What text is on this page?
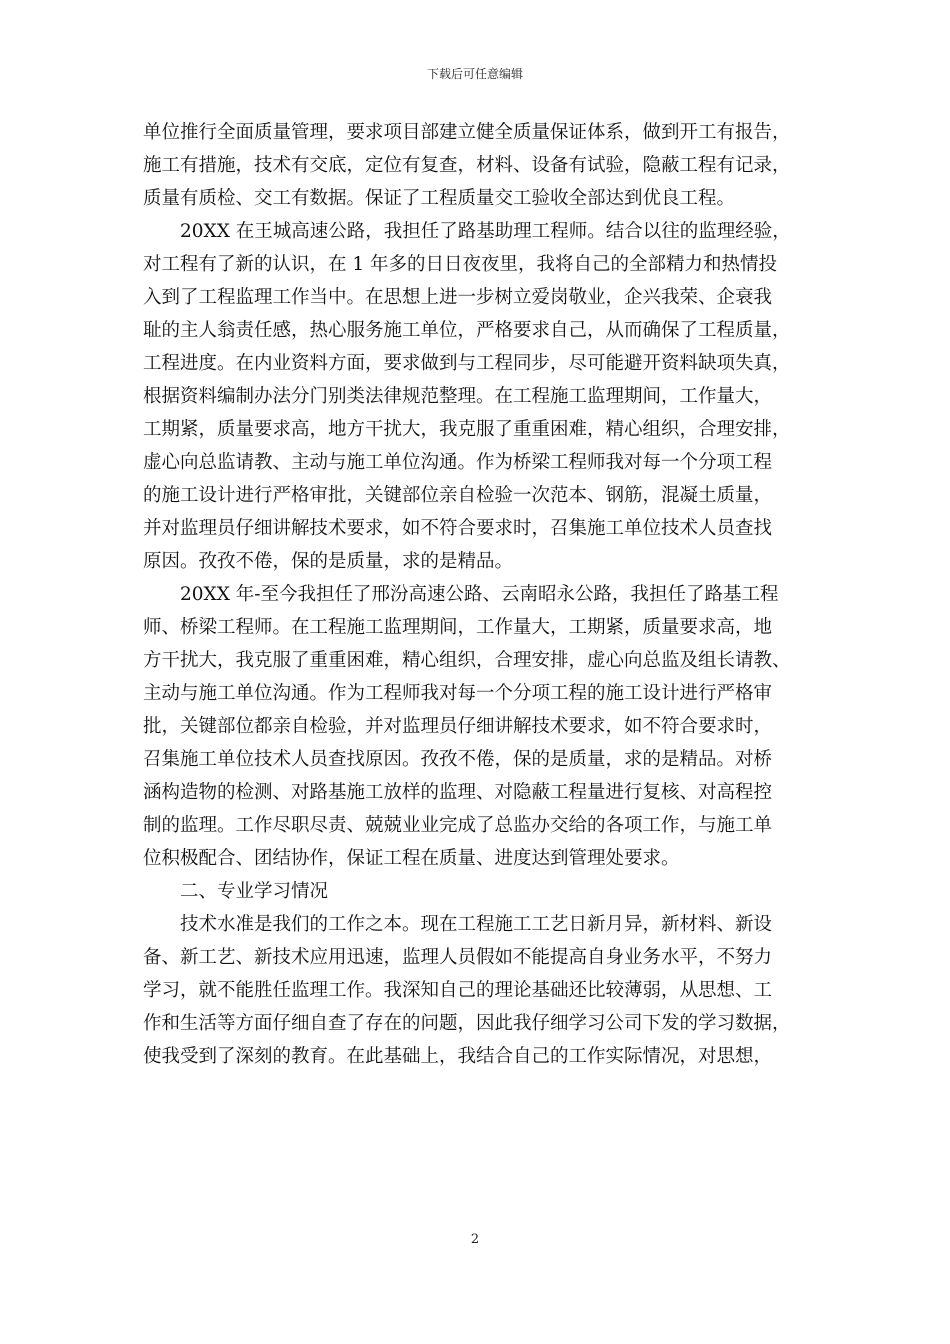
下载后可任意编辑
单位推行全面质量管理，要求项目部建立健全质量保证体系，做到开工有报告，
施工有措施，技术有交底，定位有复查，材料、设备有试验，隐蔽工程有记录，
质量有质检、交工有数据。保证了工程质量交工验收全部达到优良工程。
20XX 在王城高速公路，我担任了路基助理工程师。结合以往的监理经验，
对工程有了新的认识，在 1 年多的日日夜夜里，我将自己的全部精力和热情投
入到了工程监理工作当中。在思想上进一步树立爱岗敬业，企兴我荣、企衰我
耻的主人翁责任感，热心服务施工单位，严格要求自己，从而确保了工程质量，
工程进度。在内业资料方面，要求做到与工程同步，尽可能避开资料缺项失真，
根据资料编制办法分门别类法律规范整理。在工程施工监理期间，工作量大，
工期紧，质量要求高，地方干扰大，我克服了重重困难，精心组织，合理安排，
虚心向总监请教、主动与施工单位沟通。作为桥梁工程师我对每一个分项工程
的施工设计进行严格审批，关键部位亲自检验一次范本、钢筋，混凝土质量，
并对监理员仔细讲解技术要求，如不符合要求时，召集施工单位技术人员查找
原因。孜孜不倦，保的是质量，求的是精品。
20XX 年-至今我担任了邢汾高速公路、云南昭永公路，我担任了路基工程
师、桥梁工程师。在工程施工监理期间，工作量大，工期紧，质量要求高，地
方干扰大，我克服了重重困难，精心组织，合理安排，虚心向总监及组长请教、
主动与施工单位沟通。作为工程师我对每一个分项工程的施工设计进行严格审
批，关键部位都亲自检验，并对监理员仔细讲解技术要求，如不符合要求时，
召集施工单位技术人员查找原因。孜孜不倦，保的是质量，求的是精品。对桥
涵构造物的检测、对路基施工放样的监理、对隐蔽工程量进行复核、对高程控
制的监理。工作尽职尽责、兢兢业业完成了总监办交给的各项工作，与施工单
位积极配合、团结协作，保证工程在质量、进度达到管理处要求。
二、专业学习情况
技术水准是我们的工作之本。现在工程施工工艺日新月异，新材料、新设
备、新工艺、新技术应用迅速，监理人员假如不能提高自身业务水平，不努力
学习，就不能胜任监理工作。我深知自己的理论基础还比较薄弱，从思想、工
作和生活等方面仔细自查了存在的问题，因此我仔细学习公司下发的学习数据，
使我受到了深刻的教育。在此基础上，我结合自己的工作实际情况，对思想，
2
